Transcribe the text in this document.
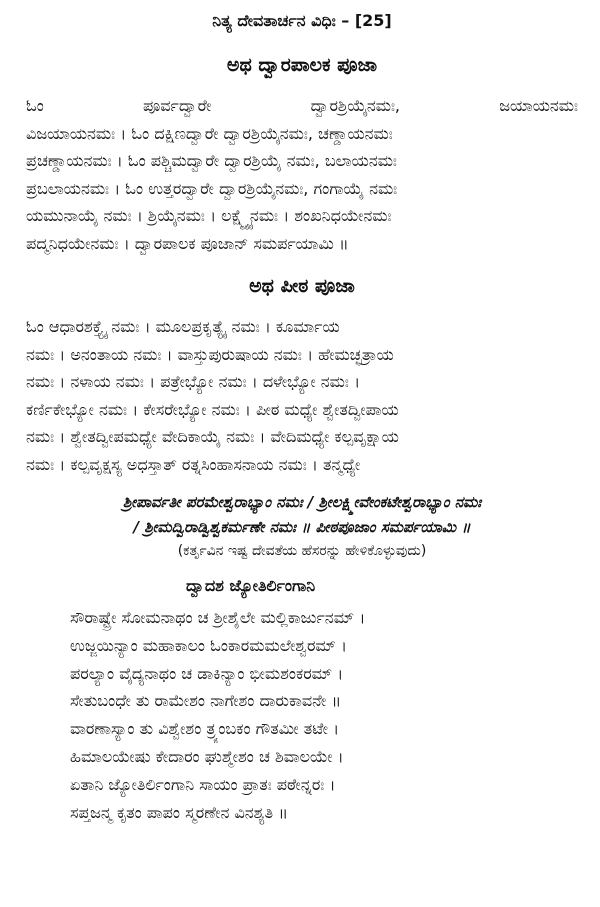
ನಿತ್ಯ ದೇವತಾರ್ಚನ ವಿಧಿಃ – [25]
ಅಥ ದ್ವಾರಪಾಲಕ ಪೂಜಾ
ಓಂ	ಪೂರ್ವದ್ವಾರೇ	ದ್ವಾರಶ್ರಿಯೈನಮಃ,	ಜಯಾಯನಮಃ
ವಿಜಯಾಯನಮಃ । ಓಂ ದಕ್ಷಿಣದ್ವಾರೇ ದ್ವಾರಶ್ರಿಯೈನಮಃ, ಚಣ್ಡಾಯನಮಃ
ಪ್ರಚಣ್ಡಾಯನಮಃ । ಓಂ ಪಶ್ಚಿಮದ್ವಾರೇ ದ್ವಾರಶ್ರಿಯೈ ನಮಃ, ಬಲಾಯನಮಃ
ಪ್ರಬಲಾಯನಮಃ । ಓಂ ಉತ್ತರದ್ವಾರೇ ದ್ವಾರಶ್ರಿಯೈನಮಃ, ಗಂಗಾಯೈ ನಮಃ
ಯಮುನಾಯೈ ನಮಃ । ಶ್ರಿಯೈನಮಃ । ಲಕ್ಷ್ಮ್ಯೈನಮಃ । ಶಂಖನಿಧಯೇನಮಃ
ಪದ್ಮನಿಧಯೇನಮಃ । ದ್ವಾರಪಾಲಕ ಪೂಜಾನ್ ಸಮರ್ಪಯಾಮಿ ॥
ಅಥ ಪೀಠ ಪೂಜಾ
ಓಂ ಆಧಾರಶಕ್ತ್ಯೈ ನಮಃ । ಮೂಲಪ್ರಕೃತ್ಯೈ ನಮಃ । ಕೂರ್ಮಾಯ
ನಮಃ । ಅನಂತಾಯ ನಮಃ । ವಾಸ್ತುಪುರುಷಾಯ ನಮಃ । ಹೇಮಚ್ಛತ್ರಾಯ
ನಮಃ । ನಳಾಯ ನಮಃ । ಪತ್ರೇಭ್ಯೋ ನಮಃ । ದಳೇಭ್ಯೋ ನಮಃ ।
ಕರ್ಣಿಕೇಭ್ಯೋ ನಮಃ । ಕೇಸರೇಭ್ಯೋ ನಮಃ । ಪೀಠ ಮಧ್ಯೇ ಶ್ವೇತದ್ವೀಪಾಯ
ನಮಃ । ಶ್ವೇತದ್ವೀಪಮಧ್ಯೇ ವೇದಿಕಾಯೈ ನಮಃ । ವೇದಿಮಧ್ಯೇ ಕಲ್ಪವೃಕ್ಷಾಯ
ನಮಃ । ಕಲ್ಪವೃಕ್ಷಸ್ಯ ಅಧಸ್ತಾತ್ ರತ್ನಸಿಂಹಾಸನಾಯ ನಮಃ । ತನ್ಮಧ್ಯೇ
ಶ್ರೀಪಾರ್ವತೀ ಪರಮೇಶ್ವರಾಭ್ಯಾಂ ನಮಃ / ಶ್ರೀಲಕ್ಷ್ಮೀವೇಂಕಟೇಶ್ವರಾಭ್ಯಾಂ ನಮಃ
/ ಶ್ರೀಮದ್ವಿರಾಡ್ವಿಶ್ವಕರ್ಮಣೇ ನಮಃ ॥ ಪೀಠಪೂಜಾಂ ಸಮರ್ಪಯಾಮಿ ॥
(ಕರ್ತೃವಿನ ಇಷ್ಟ ದೇವತೆಯ ಹೆಸರನ್ನು ಹೇಳಿಕೊಳ್ಳುವುದು)
ದ್ವಾದಶ ಜ್ಯೋತಿರ್ಲಿಂಗಾನಿ
ಸೌರಾಷ್ಟ್ರೇ ಸೋಮನಾಥಂ ಚ ಶ್ರೀಶೈಲೇ ಮಲ್ಲಿಕಾರ್ಜುನಮ್ ।
ಉಜ್ಜಯಿನ್ಯಾಂ ಮಹಾಕಾಲಂ ಓಂಕಾರಮಮಲೇಶ್ವರಮ್ ।
ಪರಲ್ಯಾಂ ವೈದ್ಯನಾಥಂ ಚ ಡಾಕಿನ್ಯಾಂ ಭೀಮಶಂಕರಮ್ ।
ಸೇತುಬಂಧೇ ತು ರಾಮೇಶಂ ನಾಗೇಶಂ ದಾರುಕಾವನೇ ॥
ವಾರಣಾಸ್ಯಾಂ ತು ವಿಶ್ವೇಶಂ ತ್ರ್ಯಂಬಕಂ ಗೌತಮೀ ತಟೇ ।
ಹಿಮಾಲಯೇಷು ಕೇದಾರಂ ಘುಶ್ಮೇಶಂ ಚ ಶಿವಾಲಯೇ ।
ಏತಾನಿ ಜ್ಯೋತಿರ್ಲಿಂಗಾನಿ ಸಾಯಂ ಪ್ರಾತಃ ಪಠೇನ್ನರಃ ।
ಸಪ್ತಜನ್ಮ ಕೃತಂ ಪಾಪಂ ಸ್ಮರಣೇನ ವಿನಶ್ಯತಿ ॥
